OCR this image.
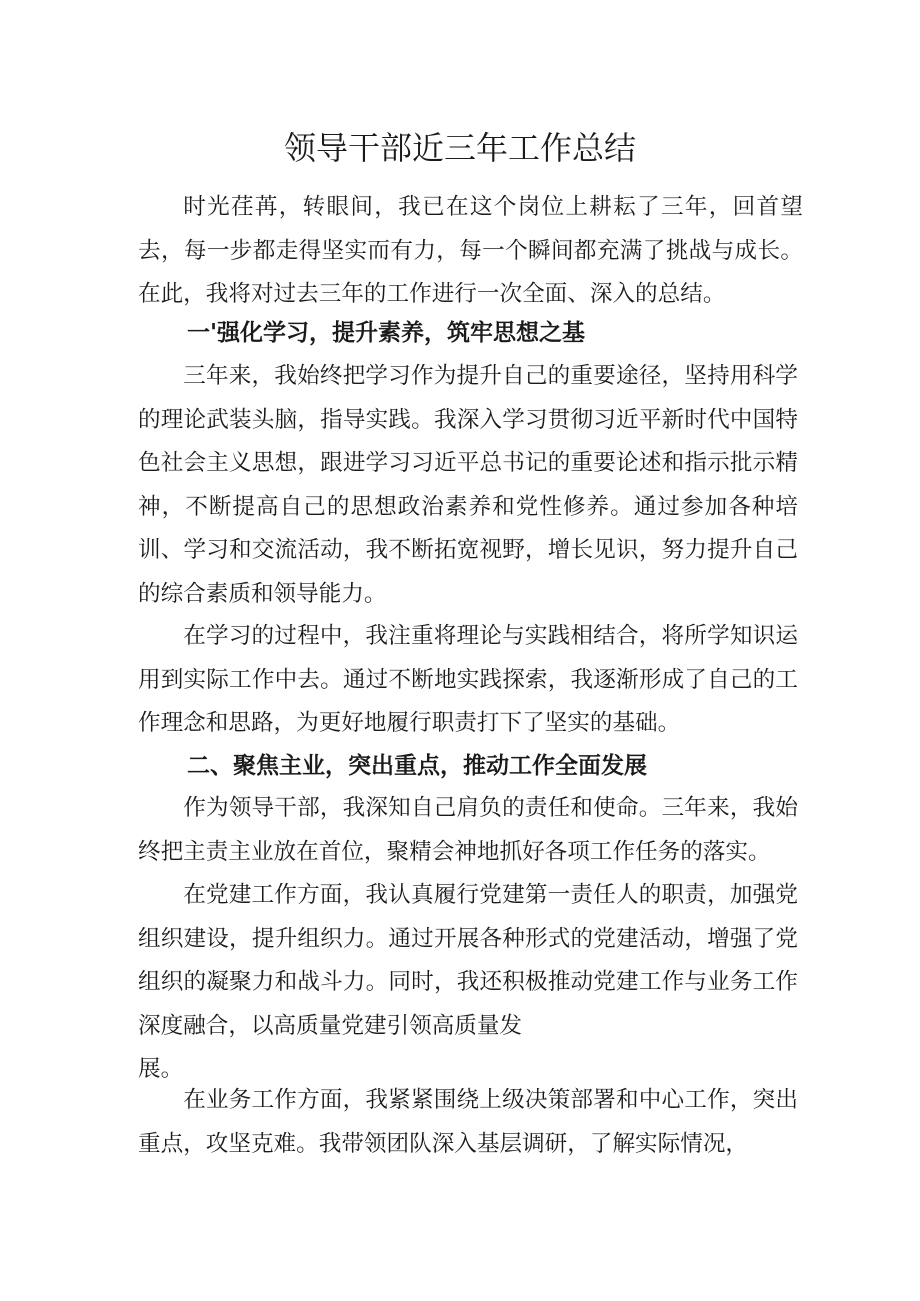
领导干部近三年工作总结

时光荏苒，转眼间，我已在这个岗位上耕耘了三年，回首望去，每一步都走得坚实而有力，每一个瞬间都充满了挑战与成长。在此，我将对过去三年的工作进行一次全面、深入的总结。

一'强化学习，提升素养，筑牢思想之基

三年来，我始终把学习作为提升自己的重要途径，坚持用科学的理论武装头脑，指导实践。我深入学习贯彻习近平新时代中国特色社会主义思想，跟进学习习近平总书记的重要论述和指示批示精神，不断提高自己的思想政治素养和党性修养。通过参加各种培训、学习和交流活动，我不断拓宽视野，增长见识，努力提升自己的综合素质和领导能力。

在学习的过程中，我注重将理论与实践相结合，将所学知识运用到实际工作中去。通过不断地实践探索，我逐渐形成了自己的工作理念和思路，为更好地履行职责打下了坚实的基础。

二、聚焦主业，突出重点，推动工作全面发展

作为领导干部，我深知自己肩负的责任和使命。三年来，我始终把主责主业放在首位，聚精会神地抓好各项工作任务的落实。

在党建工作方面，我认真履行党建第一责任人的职责，加强党组织建设，提升组织力。通过开展各种形式的党建活动，增强了党组织的凝聚力和战斗力。同时，我还积极推动党建工作与业务工作深度融合，以高质量党建引领高质量发
展。

在业务工作方面，我紧紧围绕上级决策部署和中心工作，突出重点，攻坚克难。我带领团队深入基层调研，了解实际情况，
